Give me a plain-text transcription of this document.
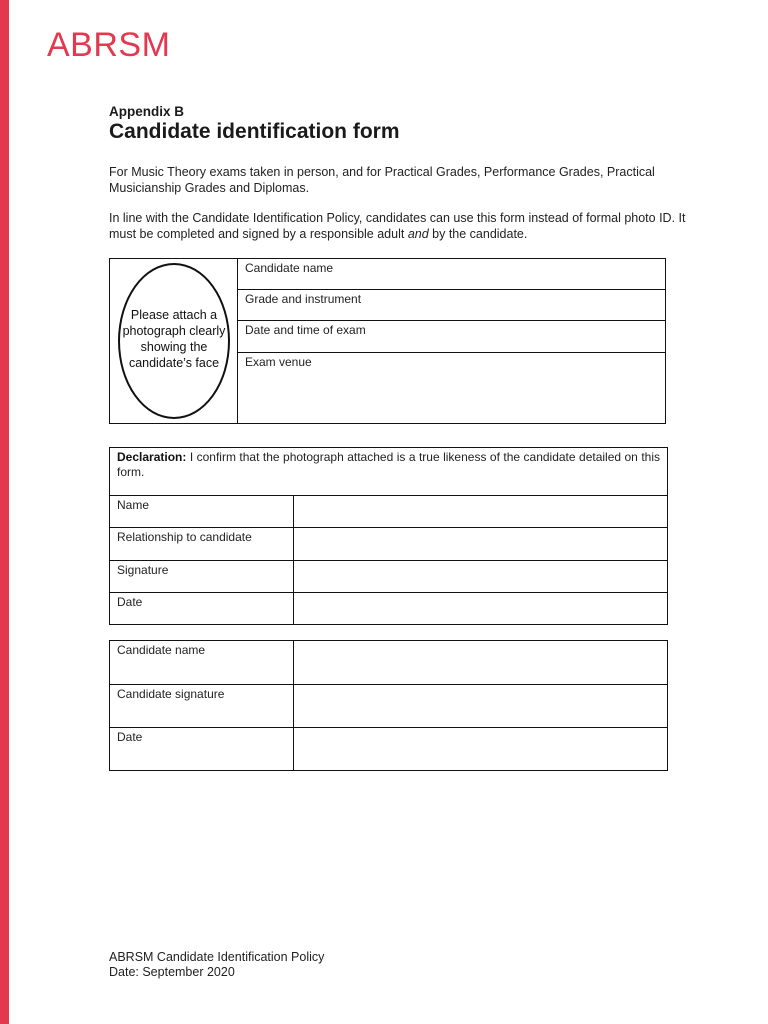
ABRSM
Appendix B
Candidate identification form
For Music Theory exams taken in person, and for Practical Grades, Performance Grades, Practical Musicianship Grades and Diplomas.
In line with the Candidate Identification Policy, candidates can use this form instead of formal photo ID. It must be completed and signed by a responsible adult and by the candidate.
Please attach a photograph clearly showing the candidate’s face
Candidate name
Grade and instrument
Date and time of exam
Exam venue
Declaration: I confirm that the photograph attached is a true likeness of the candidate detailed on this form.
Name
Relationship to candidate
Signature
Date
Candidate name
Candidate signature
Date
ABRSM Candidate Identification Policy
Date: September 2020
